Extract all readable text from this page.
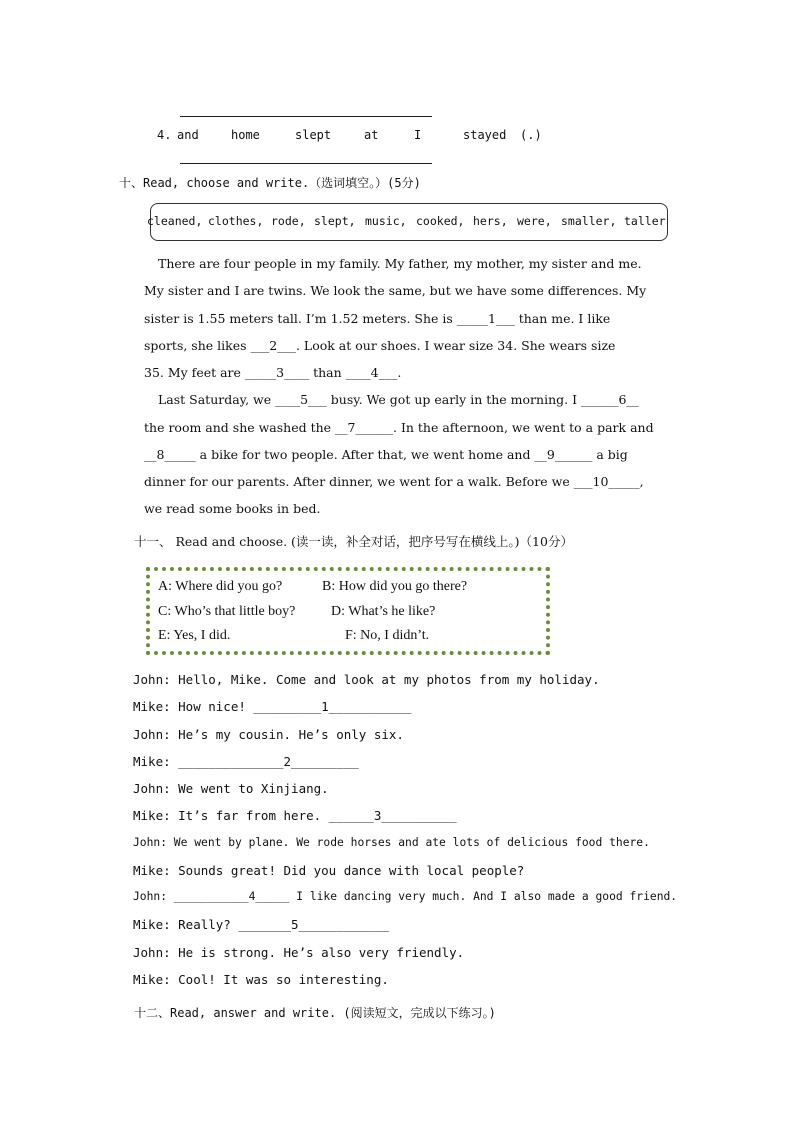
4. and	home	slept	at	I	stayed (.)
十、Read, choose and write.（选词填空。）(5分)
cleaned, clothes, rode, slept, music, cooked, hers, were, smaller, taller
There are four people in my family. My father, my mother, my sister and me.
My sister and I are twins. We look the same, but we have some differences. My
sister is 1.55 meters tall. I’m 1.52 meters. She is _____1___ than me. I like
sports, she likes ___2___. Look at our shoes. I wear size 34. She wears size
35. My feet are _____3____ than ____4___.
Last Saturday, we ____5___ busy. We got up early in the morning. I ______6__
the room and she washed the __7______. In the afternoon, we went to a park and
__8_____ a bike for two people. After that, we went home and __9______ a big
dinner for our parents. After dinner, we went for a walk. Before we ___10_____,
we read some books in bed.
十一、 Read and choose. (读一读，补全对话，把序号写在横线上。)（10分）
A: Where did you go?	B: How did you go there?
C: Who’s that little boy?	D: What’s he like?
E: Yes, I did.	F: No, I didn’t.
John: Hello, Mike. Come and look at my photos from my holiday.
Mike: How nice! _________1___________
John: He’s my cousin. He’s only six.
Mike: ______________2_________
John: We went to Xinjiang.
Mike: It’s far from here. ______3__________
John: We went by plane. We rode horses and ate lots of delicious food there.
Mike: Sounds great! Did you dance with local people?
John: ___________4_____ I like dancing very much. And I also made a good friend.
Mike: Really? _______5____________
John: He is strong. He’s also very friendly.
Mike: Cool! It was so interesting.
十二、Read, answer and write. (阅读短文，完成以下练习。)
